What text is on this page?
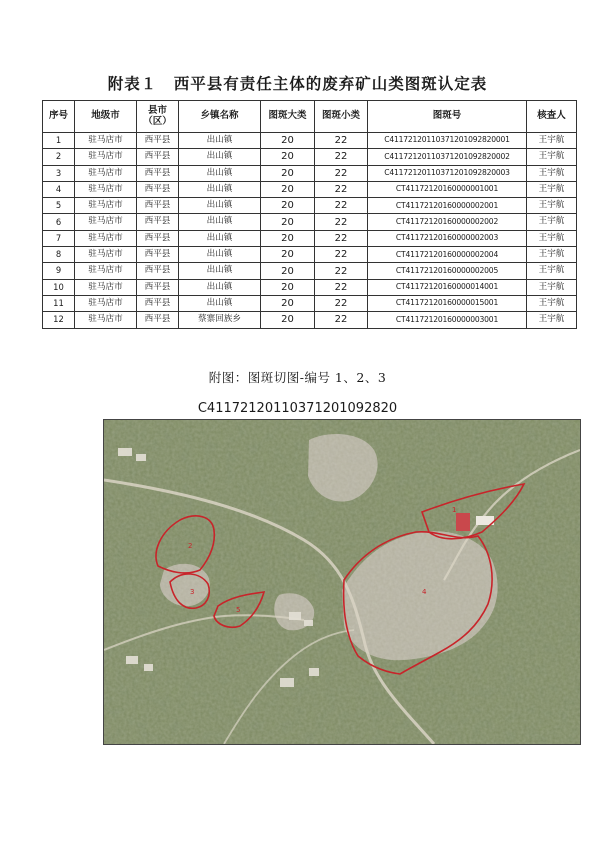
附表１　西平县有责任主体的废弃矿山类图斑认定表
序号	地级市	县市（区）	乡镇名称	图斑大类	图斑小类	图斑号	核查人
1	驻马店市	西平县	出山镇	20	22	C41172120110371201092820001	王宇航
2	驻马店市	西平县	出山镇	20	22	C41172120110371201092820002	王宇航
3	驻马店市	西平县	出山镇	20	22	C41172120110371201092820003	王宇航
4	驻马店市	西平县	出山镇	20	22	CT41172120160000001001	王宇航
5	驻马店市	西平县	出山镇	20	22	CT41172120160000002001	王宇航
6	驻马店市	西平县	出山镇	20	22	CT41172120160000002002	王宇航
7	驻马店市	西平县	出山镇	20	22	CT41172120160000002003	王宇航
8	驻马店市	西平县	出山镇	20	22	CT41172120160000002004	王宇航
9	驻马店市	西平县	出山镇	20	22	CT41172120160000002005	王宇航
10	驻马店市	西平县	出山镇	20	22	CT41172120160000014001	王宇航
11	驻马店市	西平县	出山镇	20	22	CT41172120160000015001	王宇航
12	驻马店市	西平县	蔡寨回族乡	20	22	CT41172120160000003001	王宇航
附图：图斑切图-编号 1、2、3
C41172120110371201092820
1
2
3	4
5
